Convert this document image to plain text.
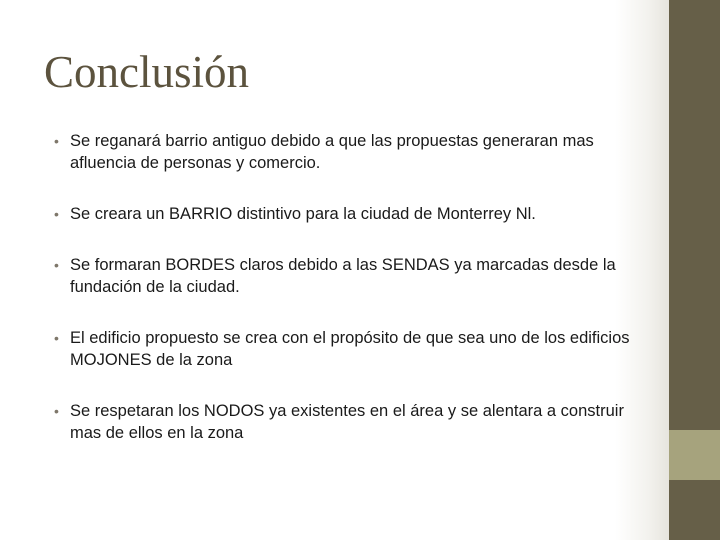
Conclusión
• Se reganará barrio antiguo debido a que las propuestas generaran mas afluencia de personas y comercio.
• Se creara un BARRIO distintivo para la ciudad de Monterrey Nl.
• Se formaran BORDES claros debido a las SENDAS ya marcadas desde la fundación de la ciudad.
• El edificio propuesto se crea con el propósito de que sea uno de los edificios MOJONES de la zona
• Se respetaran los NODOS ya existentes en el área y se alentara a construir mas de ellos en la zona
